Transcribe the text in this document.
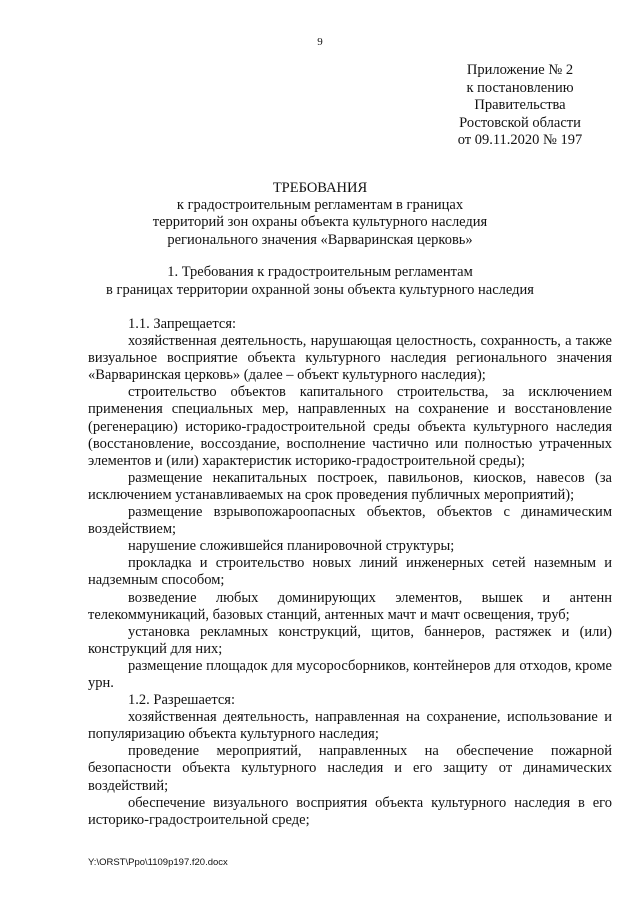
9
Приложение № 2
к постановлению
Правительства
Ростовской области
от 09.11.2020 № 197
ТРЕБОВАНИЯ
к градостроительным регламентам в границах
территорий зон охраны объекта культурного наследия
регионального значения «Варваринская церковь»
1. Требования к градостроительным регламентам
в границах территории охранной зоны объекта культурного наследия

1.1. Запрещается:

хозяйственная деятельность, нарушающая целостность, сохранность, а также визуальное восприятие объекта культурного наследия регионального значения «Варваринская церковь» (далее – объект культурного наследия);

строительство объектов капитального строительства, за исключением применения специальных мер, направленных на сохранение и восстановление (регенерацию) историко-градостроительной среды объекта культурного наследия (восстановление, воссоздание, восполнение частично или полностью утраченных элементов и (или) характеристик историко-градостроительной среды);

размещение некапитальных построек, павильонов, киосков, навесов (за исключением устанавливаемых на срок проведения публичных мероприятий);

размещение взрывопожароопасных объектов, объектов с динамическим воздействием;

нарушение сложившейся планировочной структуры;

прокладка и строительство новых линий инженерных сетей наземным и надземным способом;

возведение любых доминирующих элементов, вышек и антенн телекоммуникаций, базовых станций, антенных мачт и мачт освещения, труб;

установка рекламных конструкций, щитов, баннеров, растяжек и (или) конструкций для них;

размещение площадок для мусоросборников, контейнеров для отходов, кроме урн.

1.2. Разрешается:

хозяйственная деятельность, направленная на сохранение, использование и популяризацию объекта культурного наследия;

проведение мероприятий, направленных на обеспечение пожарной безопасности объекта культурного наследия и его защиту от динамических воздействий;

обеспечение визуального восприятия объекта культурного наследия в его историко-градостроительной среде;

Y:\ORST\Ppo\1109p197.f20.docx
